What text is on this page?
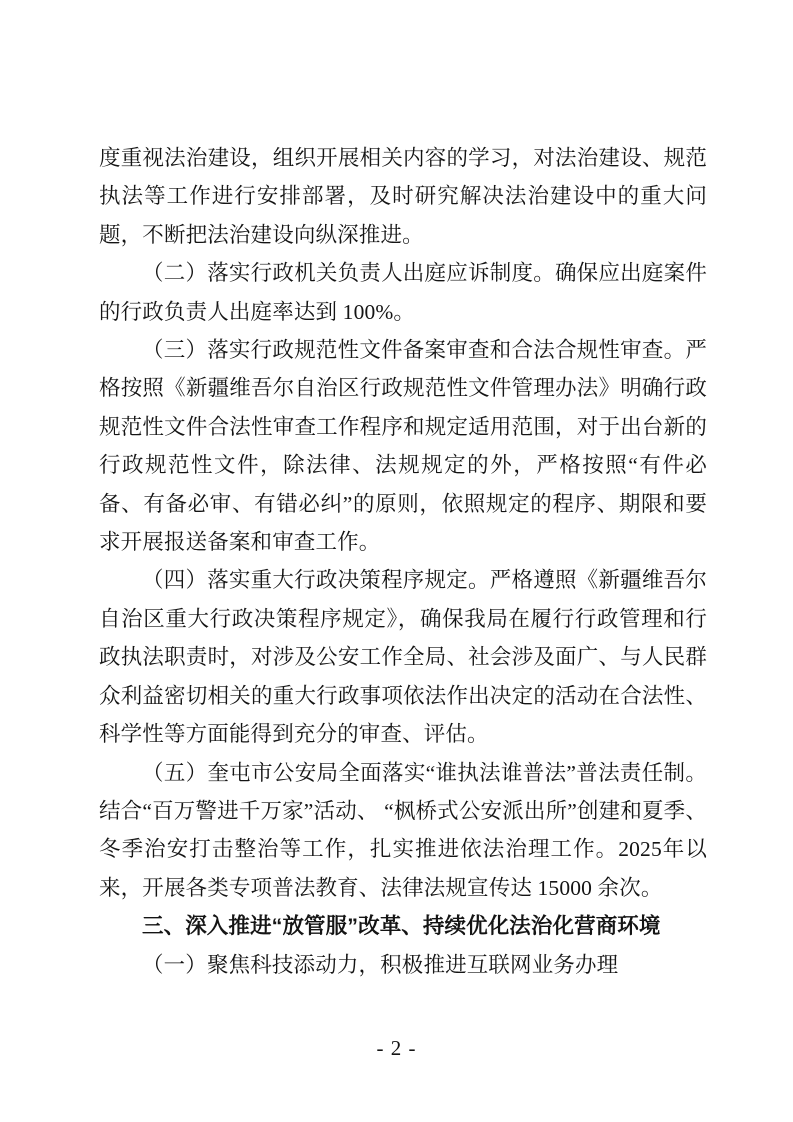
度重视法治建设，组织开展相关内容的学习，对法治建设、规范执法等工作进行安排部署，及时研究解决法治建设中的重大问题，不断把法治建设向纵深推进。

（二）落实行政机关负责人出庭应诉制度。确保应出庭案件的行政负责人出庭率达到 100%。

（三）落实行政规范性文件备案审查和合法合规性审查。严格按照《新疆维吾尔自治区行政规范性文件管理办法》明确行政规范性文件合法性审查工作程序和规定适用范围，对于出台新的行政规范性文件，除法律、法规规定的外，严格按照“有件必备、有备必审、有错必纠”的原则，依照规定的程序、期限和要求开展报送备案和审查工作。

（四）落实重大行政决策程序规定。严格遵照《新疆维吾尔自治区重大行政决策程序规定》，确保我局在履行行政管理和行政执法职责时，对涉及公安工作全局、社会涉及面广、与人民群众利益密切相关的重大行政事项依法作出决定的活动在合法性、科学性等方面能得到充分的审查、评估。

（五）奎屯市公安局全面落实“谁执法谁普法”普法责任制。结合“百万警进千万家”活动、 “枫桥式公安派出所”创建和夏季、冬季治安打击整治等工作，扎实推进依法治理工作。2025年以来，开展各类专项普法教育、法律法规宣传达 15000 余次。

三、深入推进“放管服”改革、持续优化法治化营商环境

（一）聚焦科技添动力，积极推进互联网业务办理

- 2 -
